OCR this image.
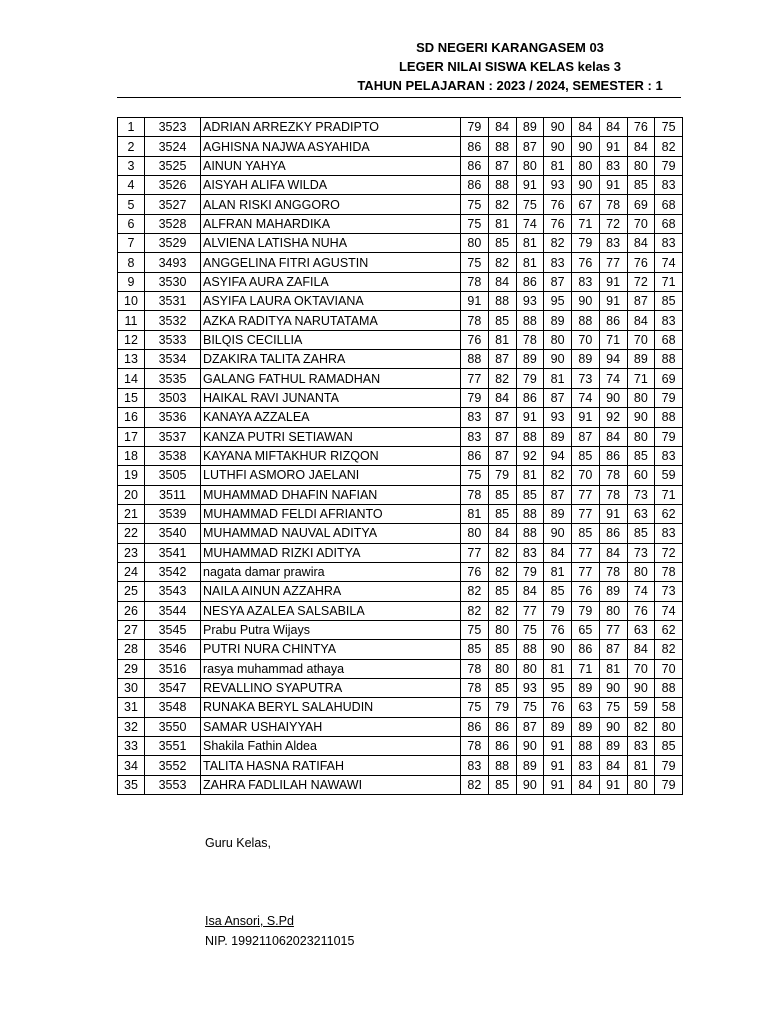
SD NEGERI KARANGASEM 03
LEGER NILAI SISWA KELAS kelas 3
TAHUN PELAJARAN : 2023 / 2024, SEMESTER : 1
1	3523	ADRIAN ARREZKY PRADIPTO	79	84	89	90	84	84	76	75
2	3524	AGHISNA NAJWA ASYAHIDA	86	88	87	90	90	91	84	82
3	3525	AINUN YAHYA	86	87	80	81	80	83	80	79
4	3526	AISYAH ALIFA WILDA	86	88	91	93	90	91	85	83
5	3527	ALAN RISKI ANGGORO	75	82	75	76	67	78	69	68
6	3528	ALFRAN MAHARDIKA	75	81	74	76	71	72	70	68
7	3529	ALVIENA LATISHA NUHA	80	85	81	82	79	83	84	83
8	3493	ANGGELINA FITRI AGUSTIN	75	82	81	83	76	77	76	74
9	3530	ASYIFA AURA ZAFILA	78	84	86	87	83	91	72	71
10	3531	ASYIFA LAURA OKTAVIANA	91	88	93	95	90	91	87	85
11	3532	AZKA RADITYA NARUTATAMA	78	85	88	89	88	86	84	83
12	3533	BILQIS CECILLIA	76	81	78	80	70	71	70	68
13	3534	DZAKIRA TALITA ZAHRA	88	87	89	90	89	94	89	88
14	3535	GALANG FATHUL RAMADHAN	77	82	79	81	73	74	71	69
15	3503	HAIKAL RAVI JUNANTA	79	84	86	87	74	90	80	79
16	3536	KANAYA AZZALEA	83	87	91	93	91	92	90	88
17	3537	KANZA PUTRI SETIAWAN	83	87	88	89	87	84	80	79
18	3538	KAYANA MIFTAKHUR RIZQON	86	87	92	94	85	86	85	83
19	3505	LUTHFI ASMORO JAELANI	75	79	81	82	70	78	60	59
20	3511	MUHAMMAD DHAFIN NAFIAN	78	85	85	87	77	78	73	71
21	3539	MUHAMMAD FELDI AFRIANTO	81	85	88	89	77	91	63	62
22	3540	MUHAMMAD NAUVAL ADITYA	80	84	88	90	85	86	85	83
23	3541	MUHAMMAD RIZKI ADITYA	77	82	83	84	77	84	73	72
24	3542	nagata damar prawira	76	82	79	81	77	78	80	78
25	3543	NAILA AINUN AZZAHRA	82	85	84	85	76	89	74	73
26	3544	NESYA AZALEA SALSABILA	82	82	77	79	79	80	76	74
27	3545	Prabu Putra Wijays	75	80	75	76	65	77	63	62
28	3546	PUTRI NURA CHINTYA	85	85	88	90	86	87	84	82
29	3516	rasya muhammad athaya	78	80	80	81	71	81	70	70
30	3547	REVALLINO SYAPUTRA	78	85	93	95	89	90	90	88
31	3548	RUNAKA BERYL SALAHUDIN	75	79	75	76	63	75	59	58
32	3550	SAMAR USHAIYYAH	86	86	87	89	89	90	82	80
33	3551	Shakila Fathin Aldea	78	86	90	91	88	89	83	85
34	3552	TALITA HASNA RATIFAH	83	88	89	91	83	84	81	79
35	3553	ZAHRA FADLILAH NAWAWI	82	85	90	91	84	91	80	79
Guru Kelas,
Isa Ansori, S.Pd
NIP. 199211062023211015
